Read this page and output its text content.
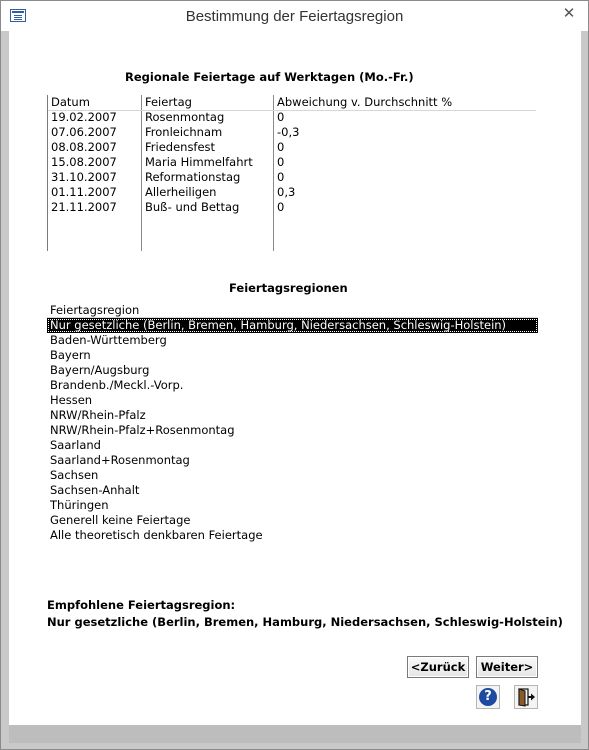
Bestimmung der Feiertagsregion	✕
Regionale Feiertage auf Werktagen (Mo.-Fr.)
Datum	Feiertag	Abweichung v. Durchschnitt %
19.02.2007 Rosenmontag	0
07.06.2007 Fronleichnam	-0,3
08.08.2007 Friedensfest	0
15.08.2007 Maria Himmelfahrt 0
31.10.2007 Reformationstag	0
01.11.2007 Allerheiligen	0,3
21.11.2007 Buß- und Bettag	0
Feiertagsregionen
Feiertagsregion
Nur gesetzliche (Berlin, Bremen, Hamburg, Niedersachsen, Schleswig-Holstein)
Baden-Württemberg
Bayern
Bayern/Augsburg
Brandenb./Meckl.-Vorp.
Hessen
NRW/Rhein-Pfalz
NRW/Rhein-Pfalz+Rosenmontag
Saarland
Saarland+Rosenmontag
Sachsen
Sachsen-Anhalt
Thüringen
Generell keine Feiertage
Alle theoretisch denkbaren Feiertage
Empfohlene Feiertagsregion:
Nur gesetzliche (Berlin, Bremen, Hamburg, Niedersachsen, Schleswig-Holstein)
<Zurück	Weiter>
?
